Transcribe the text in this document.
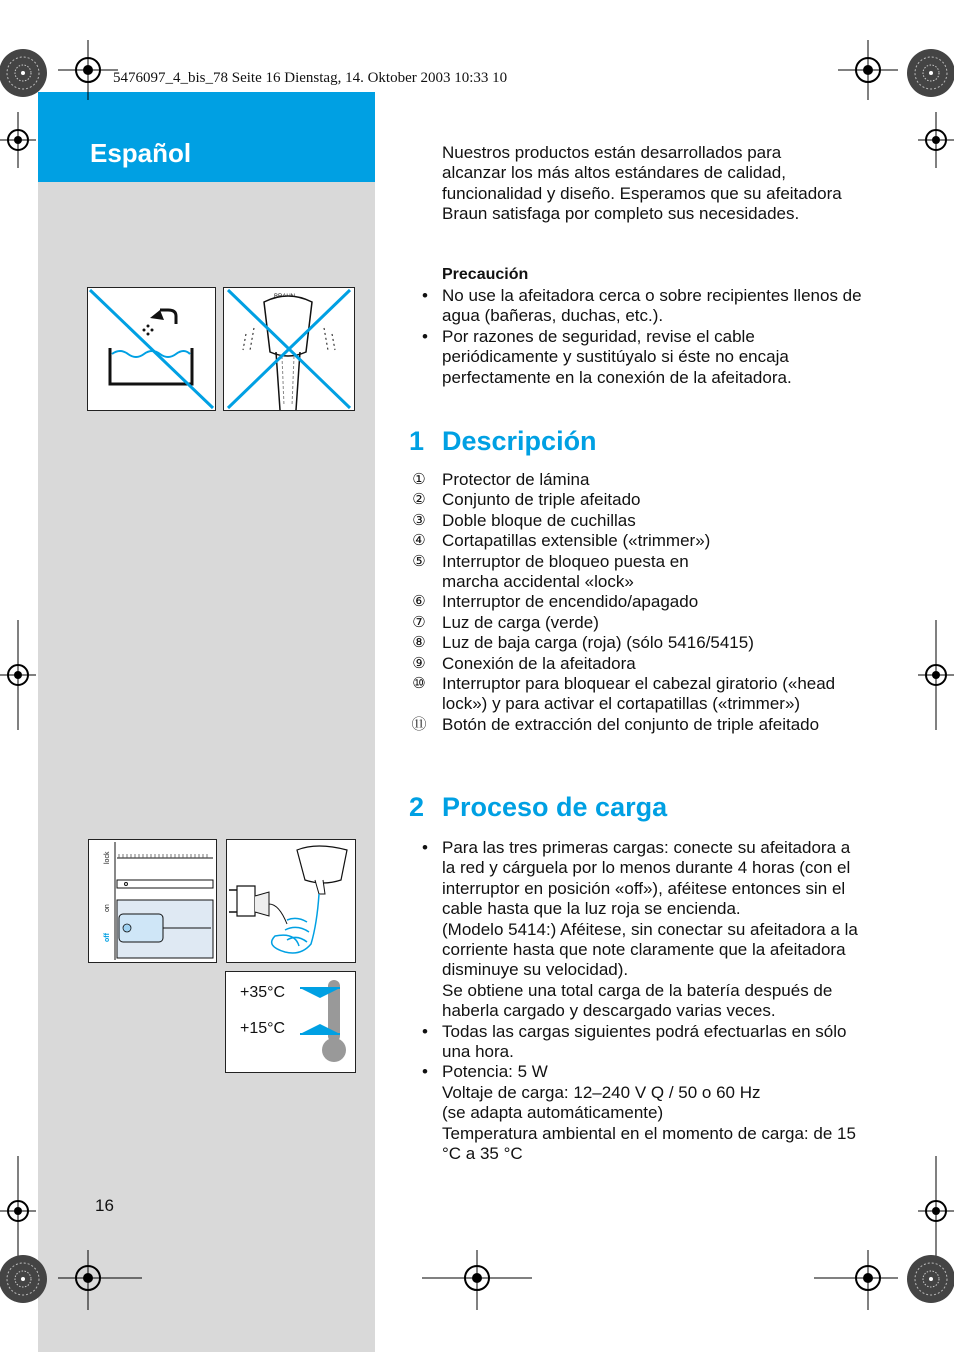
Español
5476097_4_bis_78 Seite 16 Dienstag, 14. Oktober 2003 10:33 10
lock
on
off
+35°C
+15°C
Nuestros productos están desarrollados para alcanzar los más altos estándares de calidad, funcionalidad y diseño. Esperamos que su afeitadora Braun satisfaga por completo sus necesidades.
Precaución
• No use la afeitadora cerca o sobre recipientes llenos de agua (bañeras, duchas, etc.).
• Por razones de seguridad, revise el cable periódicamente y sustitúyalo si éste no encaja perfectamente en la conexión de la afeitadora.
1 Descripción
① Protector de lámina
② Conjunto de triple afeitado
③ Doble bloque de cuchillas
④ Cortapatillas extensible («trimmer»)
⑤ Interruptor de bloqueo puesta en marcha accidental «lock»
⑥ Interruptor de encendido/apagado
⑦ Luz de carga (verde)
⑧ Luz de baja carga (roja) (sólo 5416/5415)
⑨ Conexión de la afeitadora
⑩ Interruptor para bloquear el cabezal giratorio («head lock») y para activar el cortapatillas («trimmer»)
⑪ Botón de extracción del conjunto de triple afeitado
2 Proceso de carga
• Para las tres primeras cargas: conecte su afeitadora a la red y cárguela por lo menos durante 4 horas (con el interruptor en posición «off»), aféitese entonces sin el cable hasta que la luz roja se encienda.
(Modelo 5414:) Aféitese, sin conectar su afeitadora a la corriente hasta que note claramente que la afeitadora disminuye su velocidad).
Se obtiene una total carga de la batería después de haberla cargado y descargado varias veces.
• Todas las cargas siguientes podrá efectuarlas en sólo una hora.
• Potencia: 5 W
Voltaje de carga: 12–240 V Q / 50 o 60 Hz
(se adapta automáticamente)
Temperatura ambiental en el momento de carga: de 15 °C a 35 °C
16
